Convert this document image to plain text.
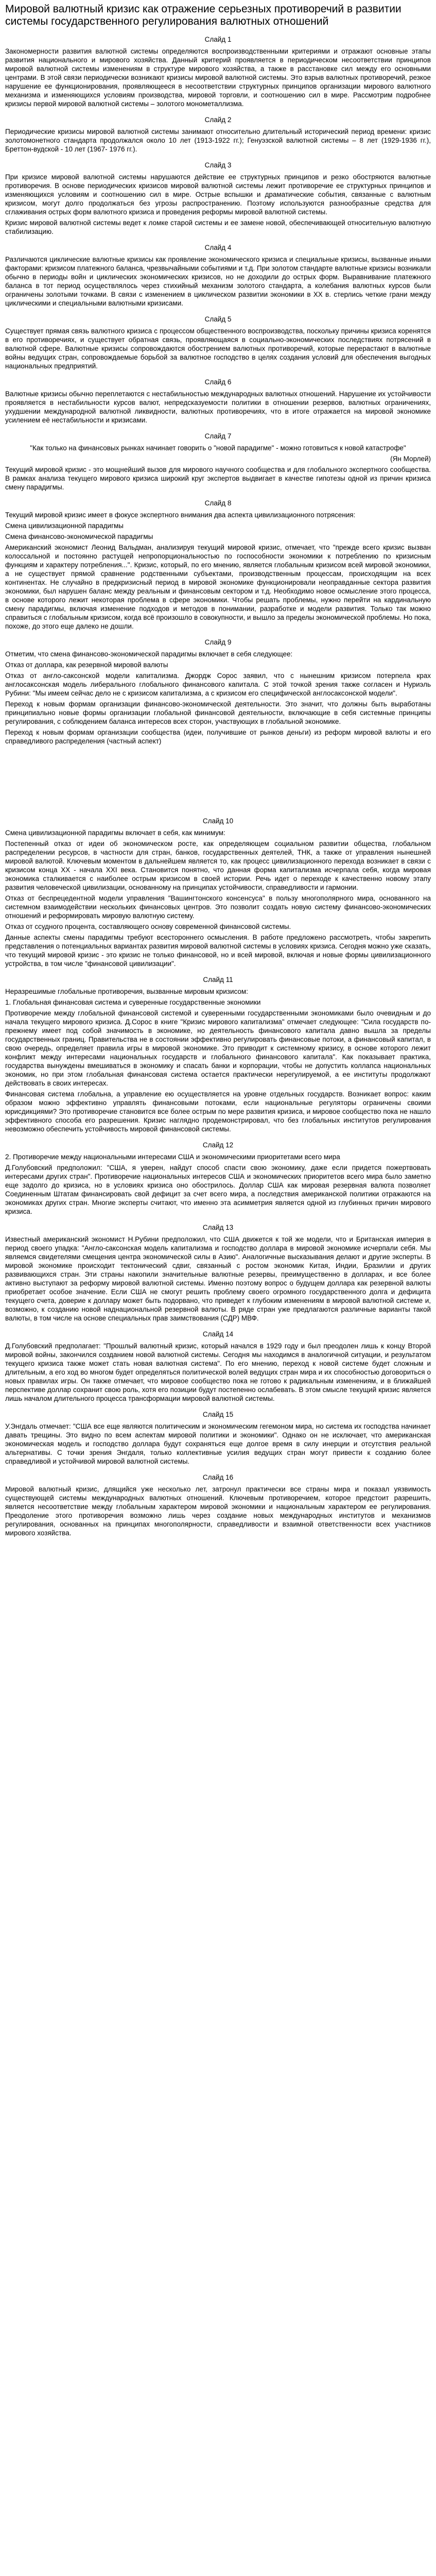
Мировой валютный кризис как отражение серьезных противоречий в развитии системы государственного регулирования валютных отношений
Слайд 1

Закономерности развития валютной системы определяются воспроизводственными критериями и отражают основные этапы развития национального и мирового хозяйства. Данный критерий проявляется в периодическом несоответствии принципов мировой валютной системы изменениям в структуре мирового хозяйства, а также в расстановке сил между его основными центрами. В этой связи периодически возникают кризисы мировой валютной системы. Это взрыв валютных противоречий, резкое нарушение ее функционирования, проявляющееся в несоответствии структурных принципов организации мирового валютного механизма и изменяющихся условиям производства, мировой торговли, и соотношению сил в мире. Рассмотрим подробнее кризисы первой мировой валютной системы – золотого монометаллизма.

Слайд 2

Периодические кризисы мировой валютной системы занимают относительно длительный исторический период времени: кризис золотомонетного стандарта продолжался около 10 лет (1913-1922 гг.); Генуэзской валютной системы – 8 лет (1929-1936 гг.), Бреттон-вудской - 10 лет (1967- 1976 гг.).

Слайд 3

При кризисе мировой валютной системы нарушаются действие ее структурных принципов и резко обостряются валютные противоречия. В основе периодических кризисов мировой валютной системы лежит противоречие ее структурных принципов и изменяющихся условиям и соотношению сил в мире. Острые вспышки и драматические события, связанные с валютным кризисом, могут долго продолжаться без угрозы распространению. Поэтому используются разнообразные средства для сглаживания острых форм валютного кризиса и проведения реформы мировой валютной системы.

Кризис мировой валютной системы ведет к ломке старой системы и ее замене новой, обеспечивающей относительную валютную стабилизацию.

Слайд 4

Различаются циклические валютные кризисы как проявление экономического кризиса и специальные кризисы, вызванные иными факторами: кризисом платежного баланса, чрезвычайными событиями и т.д. При золотом стандарте валютные кризисы возникали обычно в периоды войн и циклических экономических кризисов, но не доходили до острых форм. Выравнивание платежного баланса в тот период осуществлялось через стихийный механизм золотого стандарта, а колебания валютных курсов были ограничены золотыми точками. В связи с изменением в циклическом развитии экономики в XX в. стерлись четкие грани между циклическими и специальными валютными кризисами.

Слайд 5

Существует прямая связь валютного кризиса с процессом общественного воспроизводства, поскольку причины кризиса коренятся в его противоречиях, и существует обратная связь, проявляющаяся в социально-экономических последствиях потрясений в валютной сфере. Валютные кризисы сопровождаются обострением валютных противоречий, которые перерастают в валютные войны ведущих стран, сопровождаемые борьбой за валютное господство в целях создания условий для обеспечения выгодных национальных предприятий.

Слайд 6

Валютные кризисы обычно переплетаются с нестабильностью международных валютных отношений. Нарушение их устойчивости проявляется в нестабильности курсов валют, непредсказуемости политики в отношении резервов, валютных ограничениях, ухудшении международной валютной ликвидности, валютных противоречиях, что в итоге отражается на мировой экономике усилением её нестабильности и кризисами.

Слайд 7

"Как только на финансовых рынках начинает говорить о "новой парадигме" - можно готовиться к новой катастрофе"

(Ян Морлей)

Текущий мировой кризис - это мощнейший вызов для мирового научного сообщества и для глобального экспертного сообщества. В рамках анализа текущего мирового кризиса широкий круг экспертов выдвигает в качестве гипотезы одной из причин кризиса смену парадигмы.

Слайд 8

Текущий мировой кризис имеет в фокусе экспертного внимания два аспекта цивилизационного потрясения:

Смена цивилизационной парадигмы

Смена финансово-экономической парадигмы

Американский экономист Леонид Вальдман, анализируя текущий мировой кризис, отмечает, что "прежде всего кризис вызван колоссальной и постоянно растущей непропорциональностью по госпособности экономики к потреблению по кризисным функциям и характеру потребления...". Кризис, который, по его мнению, является глобальным кризисом всей мировой экономики, а не существует прямой сравнение родственными субъектами, производственным процессам, происходящим на всех континентах. Не случайно в предкризисный период в мировой экономике функционировали неоправданные сектора развития экономики, был нарушен баланс между реальным и финансовым сектором и т.д. Необходимо новое осмысление этого процесса, в основе которого лежит некоторая проблема в сфере экономики. Чтобы решать проблемы, нужно перейти на кардинальную смену парадигмы, включая изменение подходов и методов в понимании, разработке и модели развития. Только так можно справиться с глобальным кризисом, когда всё произошло в совокупности, и вышло за пределы экономической проблемы. Но пока, похоже, до этого еще далеко не дошли.

Слайд 9

Отметим, что смена финансово-экономической парадигмы включает в себя следующее:

Отказ от доллара, как резервной мировой валюты

Отказ от англо-саксонской модели капитализма. Джордж Сорос заявил, что с нынешним кризисом потерпела крах англосаксонская модель либерального глобального финансового капитала. С этой точкой зрения также согласен и Нуриэль Рубини: "Мы имеем сейчас дело не с кризисом капитализма, а с кризисом его специфической англосаксонской модели".

Переход к новым формам организации финансово-экономической деятельности. Это значит, что должны быть выработаны принципиально новые формы организации глобальной финансовой деятельности, включающие в себя системные принципы регулирования, с соблюдением баланса интересов всех сторон, участвующих в глобальной экономике.

Переход к новым формам организации сообщества (идеи, получившие от рынков деньги) из реформ мировой валюты и его справедливого распределения (частный аспект)

Слайд 10

Смена цивилизационной парадигмы включает в себя, как минимум:

Постепенный отказ от идеи об экономическом росте, как определяющем социальном развитии общества, глобальном распределении ресурсов, в частности для стран, банков, государственных деятелей, ТНК, а также от управления нынешней мировой валютой. Ключевым моментом в дальнейшем является то, как процесс цивилизационного перехода возникает в связи с кризисом конца XX - начала XXI века. Становится понятно, что данная форма капитализма исчерпала себя, когда мировая экономика сталкивается с наиболее острым кризисом в своей истории. Речь идет о переходе к качественно новому этапу развития человеческой цивилизации, основанному на принципах устойчивости, справедливости и гармонии.

Отказ от беспрецедентной модели управления "Вашингтонского консенсуса" в пользу многополярного мира, основанного на системном взаимодействии нескольких финансовых центров. Это позволит создать новую систему финансово-экономических отношений и реформировать мировую валютную систему.

Отказ от ссудного процента, составляющего основу современной финансовой системы.

Данные аспекты смены парадигмы требуют всестороннего осмысления. В работе предложено рассмотреть, чтобы закрепить представления о потенциальных вариантах развития мировой валютной системы в условиях кризиса. Сегодня можно уже сказать, что текущий мировой кризис - это кризис не только финансовой, но и всей мировой, включая и новые формы цивилизационного устройства, в том числе "финансовой цивилизации".

Слайд 11

Неразрешимые глобальные противоречия, вызванные мировым кризисом:

1. Глобальная финансовая система и суверенные государственные экономики

Противоречие между глобальной финансовой системой и суверенными государственными экономиками было очевидным и до начала текущего мирового кризиса. Д.Сорос в книге "Кризис мирового капитализма" отмечает следующее: "Сила государств по-прежнему имеет под собой значимость в экономике, но деятельность финансового капитала давно вышла за пределы государственных границ. Правительства не в состоянии эффективно регулировать финансовые потоки, а финансовый капитал, в свою очередь, определяет правила игры в мировой экономике. Это приводит к системному кризису, в основе которого лежит конфликт между интересами национальных государств и глобального финансового капитала". Как показывает практика, государства вынуждены вмешиваться в экономику и спасать банки и корпорации, чтобы не допустить коллапса национальных экономик, но при этом глобальная финансовая система остается практически нерегулируемой, а ее институты продолжают действовать в своих интересах.

Финансовая система глобальна, а управление ею осуществляется на уровне отдельных государств. Возникает вопрос: каким образом можно эффективно управлять финансовыми потоками, если национальные регуляторы ограничены своими юрисдикциями? Это противоречие становится все более острым по мере развития кризиса, и мировое сообщество пока не нашло эффективного способа его разрешения. Кризис наглядно продемонстрировал, что без глобальных институтов регулирования невозможно обеспечить устойчивость мировой финансовой системы.

Слайд 12

2. Противоречие между национальными интересами США и экономическими приоритетами всего мира

Д.Голубовский предположил: "США, я уверен, найдут способ спасти свою экономику, даже если придется пожертвовать интересами других стран". Противоречие национальных интересов США и экономических приоритетов всего мира было заметно еще задолго до кризиса, но в условиях кризиса оно обострилось. Доллар США как мировая резервная валюта позволяет Соединенным Штатам финансировать свой дефицит за счет всего мира, а последствия американской политики отражаются на экономиках других стран. Многие эксперты считают, что именно эта асимметрия является одной из глубинных причин мирового кризиса.

Слайд 13

Известный американский экономист Н.Рубини предположил, что США движется к той же модели, что и Британская империя в период своего упадка: "Англо-саксонская модель капитализма и господство доллара в мировой экономике исчерпали себя. Мы являемся свидетелями смещения центра экономической силы в Азию". Аналогичные высказывания делают и другие эксперты. В мировой экономике происходит тектонический сдвиг, связанный с ростом экономик Китая, Индии, Бразилии и других развивающихся стран. Эти страны накопили значительные валютные резервы, преимущественно в долларах, и все более активно выступают за реформу мировой валютной системы. Именно поэтому вопрос о будущем доллара как резервной валюты приобретает особое значение. Если США не смогут решить проблему своего огромного государственного долга и дефицита текущего счета, доверие к доллару может быть подорвано, что приведет к глубоким изменениям в мировой валютной системе и, возможно, к созданию новой наднациональной резервной валюты. В ряде стран уже предлагаются различные варианты такой валюты, в том числе на основе специальных прав заимствования (СДР) МВФ.

Слайд 14

Д.Голубовский предполагает: "Прошлый валютный кризис, который начался в 1929 году и был преодолен лишь к концу Второй мировой войны, закончился созданием новой валютной системы. Сегодня мы находимся в аналогичной ситуации, и результатом текущего кризиса также может стать новая валютная система". По его мнению, переход к новой системе будет сложным и длительным, а его ход во многом будет определяться политической волей ведущих стран мира и их способностью договориться о новых правилах игры. Он также отмечает, что мировое сообщество пока не готово к радикальным изменениям, и в ближайшей перспективе доллар сохранит свою роль, хотя его позиции будут постепенно ослабевать. В этом смысле текущий кризис является лишь началом длительного процесса трансформации мировой валютной системы.

Слайд 15

У.Энгдаль отмечает: "США все еще являются политическим и экономическим гегемоном мира, но система их господства начинает давать трещины. Это видно по всем аспектам мировой политики и экономики". Однако он не исключает, что американская экономическая модель и господство доллара будут сохраняться еще долгое время в силу инерции и отсутствия реальной альтернативы. С точки зрения Энгдаля, только коллективные усилия ведущих стран могут привести к созданию более справедливой и устойчивой мировой валютной системы.

Слайд 16

Мировой валютный кризис, длящийся уже несколько лет, затронул практически все страны мира и показал уязвимость существующей системы международных валютных отношений. Ключевым противоречием, которое предстоит разрешить, является несоответствие между глобальным характером мировой экономики и национальным характером ее регулирования. Преодоление этого противоречия возможно лишь через создание новых международных институтов и механизмов регулирования, основанных на принципах многополярности, справедливости и взаимной ответственности всех участников мирового хозяйства.
